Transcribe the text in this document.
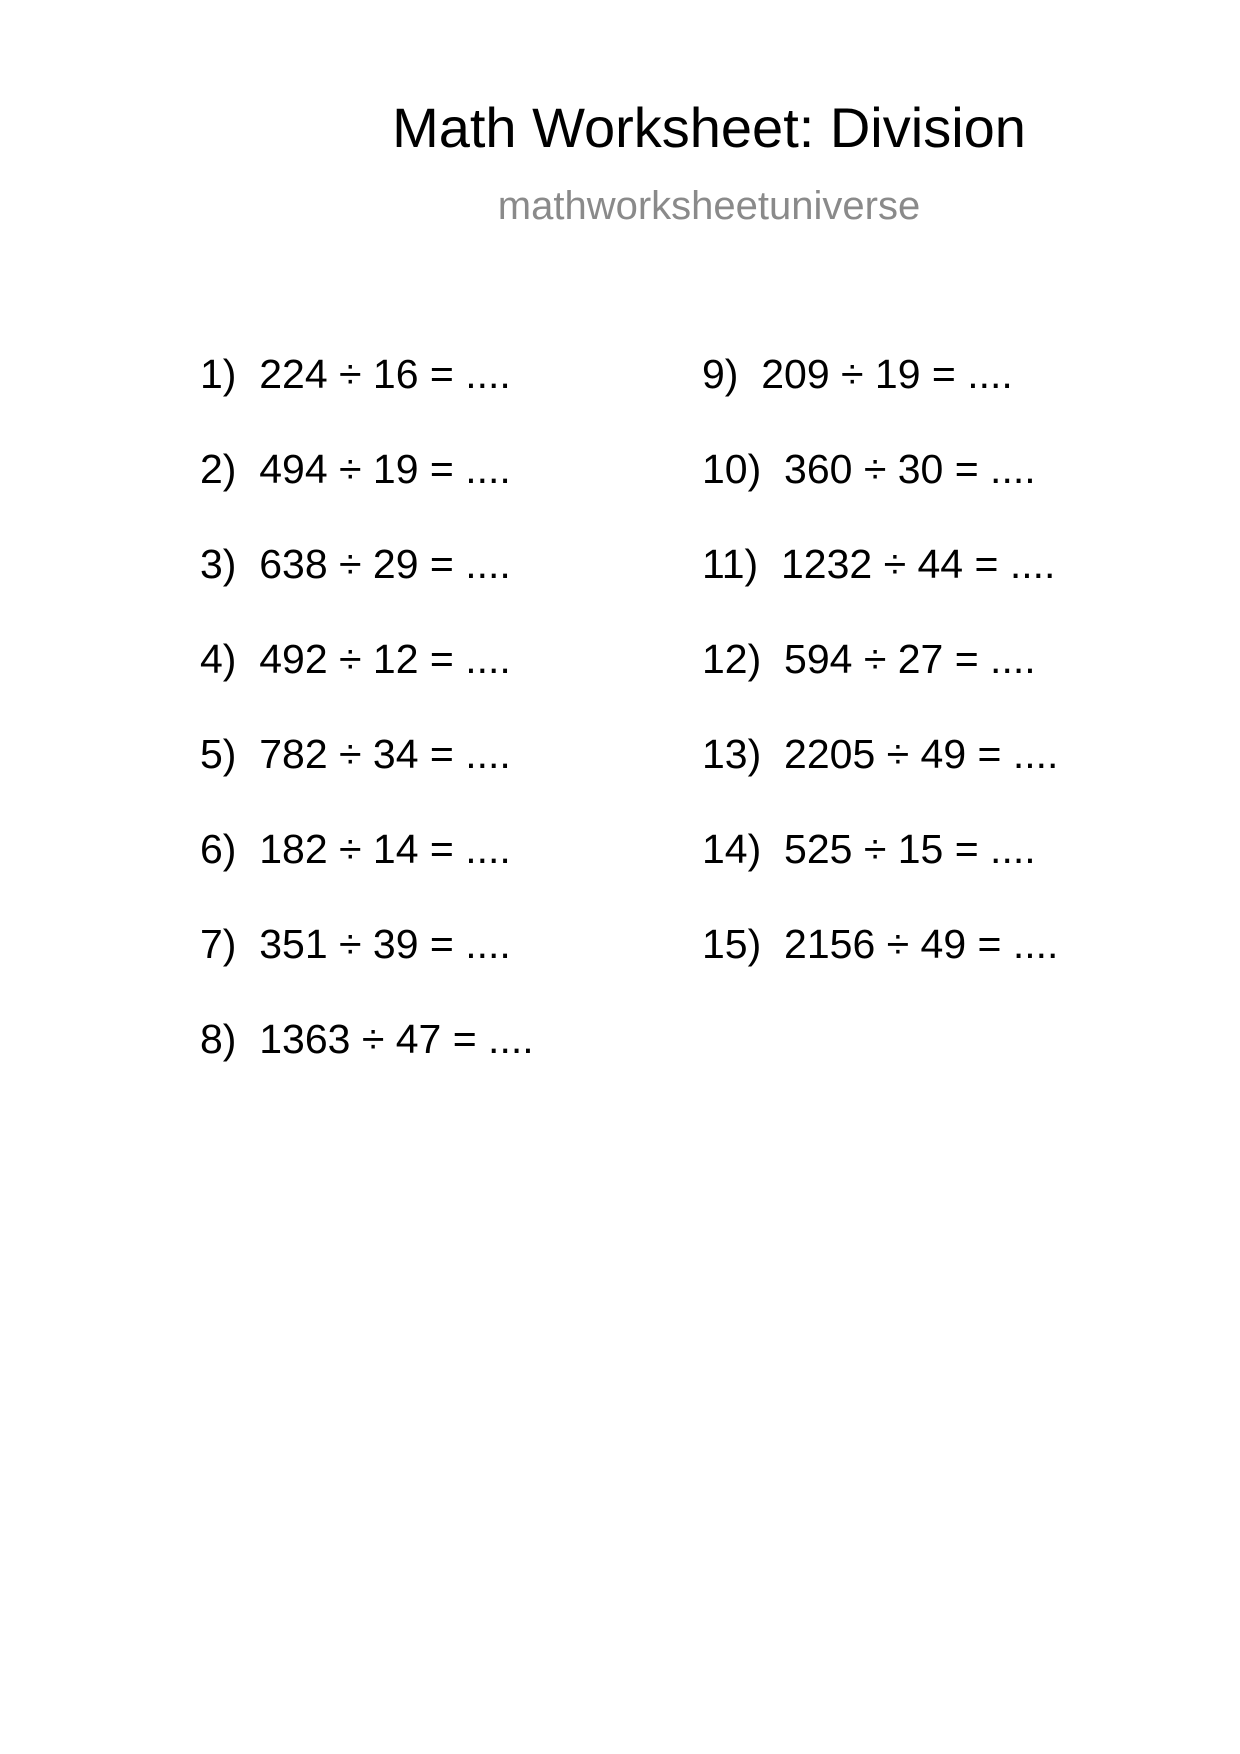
Math Worksheet: Division
mathworksheetuniverse
1)  224 ÷ 16 = ....
2)  494 ÷ 19 = ....
3)  638 ÷ 29 = ....
4)  492 ÷ 12 = ....
5)  782 ÷ 34 = ....
6)  182 ÷ 14 = ....
7)  351 ÷ 39 = ....
8)  1363 ÷ 47 = ....
9)  209 ÷ 19 = ....
10)  360 ÷ 30 = ....
11)  1232 ÷ 44 = ....
12)  594 ÷ 27 = ....
13)  2205 ÷ 49 = ....
14)  525 ÷ 15 = ....
15)  2156 ÷ 49 = ....
